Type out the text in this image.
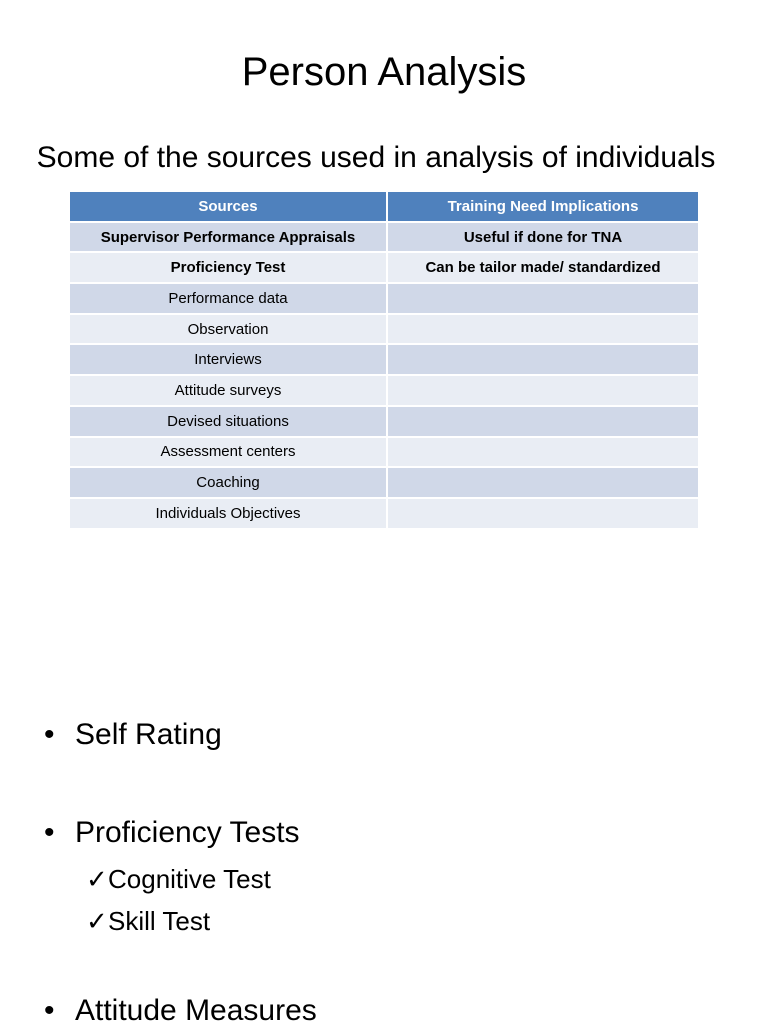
Person Analysis
Some of the sources used in analysis of individuals
Sources	Training Need Implications
Supervisor Performance Appraisals	Useful if done for TNA
Proficiency Test	Can be tailor made/ standardized
Performance data	
Observation	
Interviews	
Attitude surveys	
Devised situations	
Assessment centers	
Coaching	
Individuals Objectives	
• Self Rating
• Proficiency Tests
✓Cognitive Test
✓Skill Test
• Attitude Measures
